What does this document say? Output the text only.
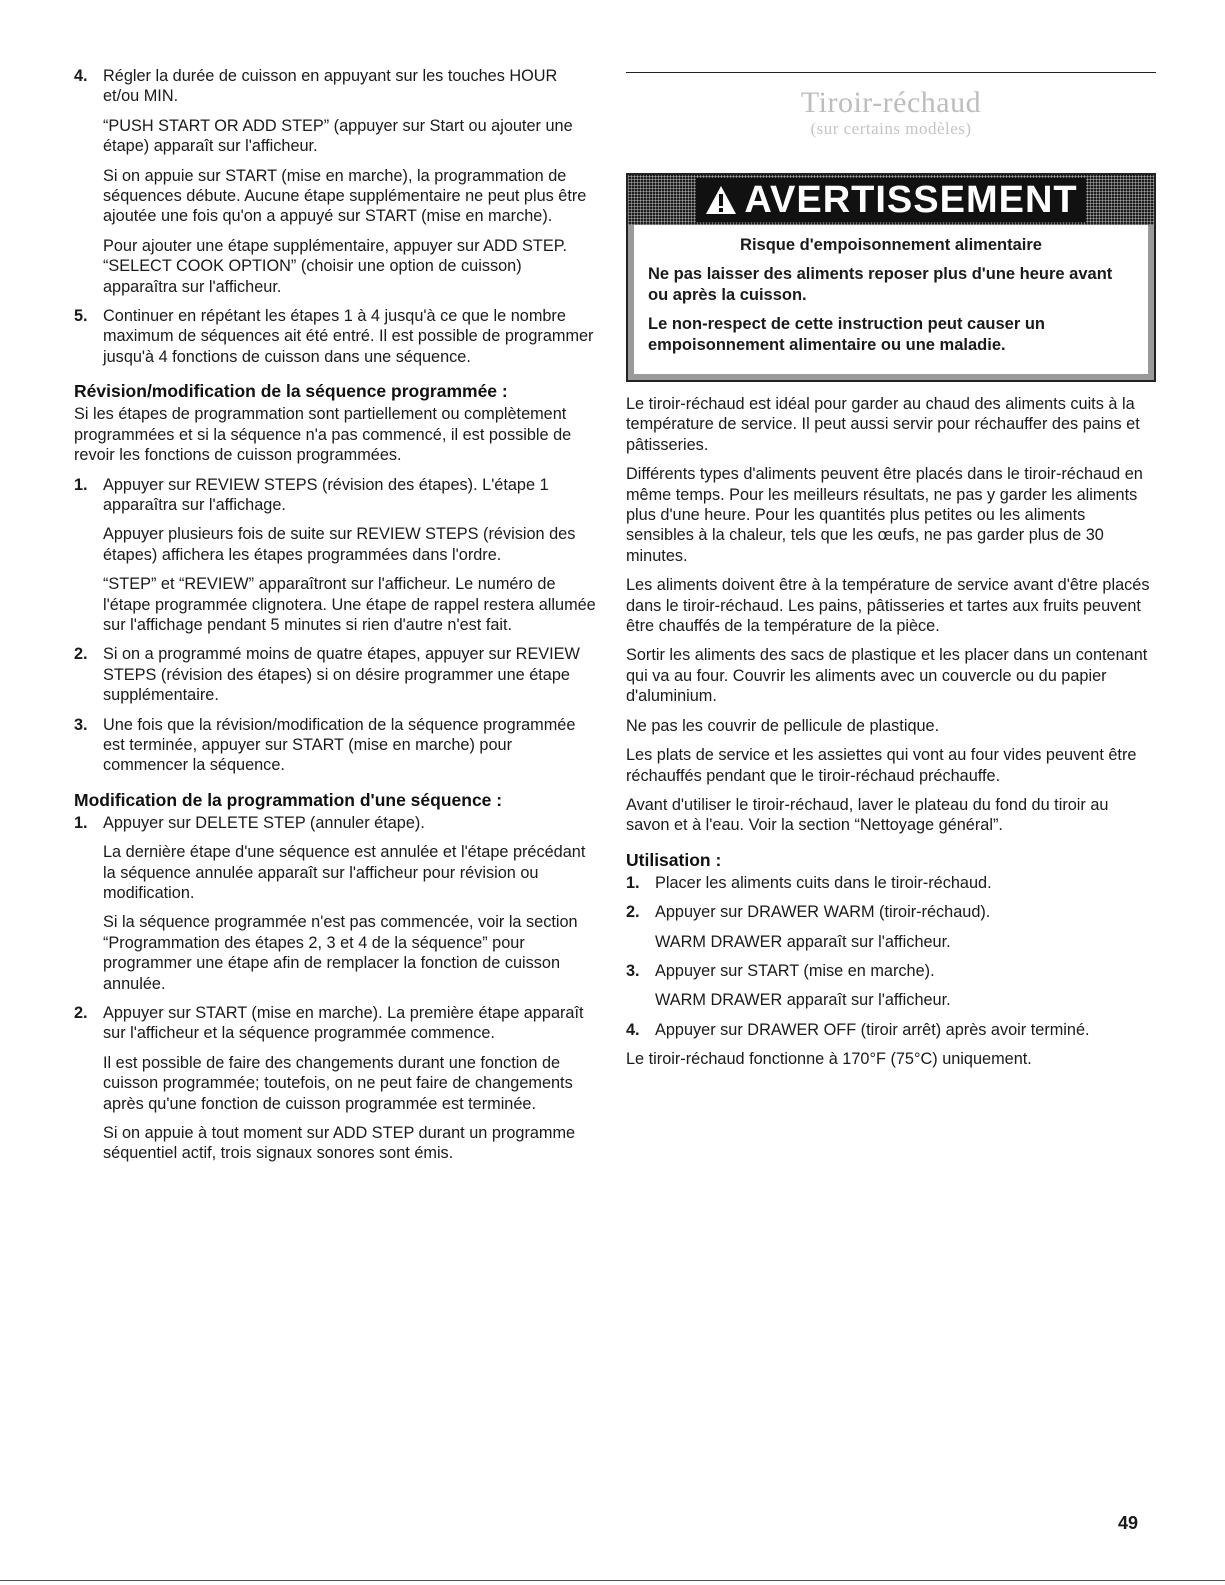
4. Régler la durée de cuisson en appuyant sur les touches HOUR et/ou MIN.

“PUSH START OR ADD STEP” (appuyer sur Start ou ajouter une étape) apparaît sur l'afficheur.

Si on appuie sur START (mise en marche), la programmation de séquences débute. Aucune étape supplémentaire ne peut plus être ajoutée une fois qu'on a appuyé sur START (mise en marche).

Pour ajouter une étape supplémentaire, appuyer sur ADD STEP. “SELECT COOK OPTION” (choisir une option de cuisson) apparaîtra sur l'afficheur.

5. Continuer en répétant les étapes 1 à 4 jusqu'à ce que le nombre maximum de séquences ait été entré. Il est possible de programmer jusqu'à 4 fonctions de cuisson dans une séquence.

Révision/modification de la séquence programmée :

Si les étapes de programmation sont partiellement ou complètement programmées et si la séquence n'a pas commencé, il est possible de revoir les fonctions de cuisson programmées.

1. Appuyer sur REVIEW STEPS (révision des étapes). L'étape 1 apparaîtra sur l'affichage.

Appuyer plusieurs fois de suite sur REVIEW STEPS (révision des étapes) affichera les étapes programmées dans l'ordre.

“STEP” et “REVIEW” apparaîtront sur l'afficheur. Le numéro de l'étape programmée clignotera. Une étape de rappel restera allumée sur l'affichage pendant 5 minutes si rien d'autre n'est fait.

2. Si on a programmé moins de quatre étapes, appuyer sur REVIEW STEPS (révision des étapes) si on désire programmer une étape supplémentaire.

3. Une fois que la révision/modification de la séquence programmée est terminée, appuyer sur START (mise en marche) pour commencer la séquence.

Modification de la programmation d'une séquence :
1. Appuyer sur DELETE STEP (annuler étape).

La dernière étape d'une séquence est annulée et l'étape précédant la séquence annulée apparaît sur l'afficheur pour révision ou modification.

Si la séquence programmée n'est pas commencée, voir la section “Programmation des étapes 2, 3 et 4 de la séquence” pour programmer une étape afin de remplacer la fonction de cuisson annulée.

2. Appuyer sur START (mise en marche). La première étape apparaît sur l'afficheur et la séquence programmée commence.

Il est possible de faire des changements durant une fonction de cuisson programmée; toutefois, on ne peut faire de changements après qu'une fonction de cuisson programmée est terminée.

Si on appuie à tout moment sur ADD STEP durant un programme séquentiel actif, trois signaux sonores sont émis.

Tiroir-réchaud
(sur certains modèles)
AVERTISSEMENT

Risque d'empoisonnement alimentaire

Ne pas laisser des aliments reposer plus d'une heure avant ou après la cuisson.

Le non-respect de cette instruction peut causer un empoisonnement alimentaire ou une maladie.

Le tiroir-réchaud est idéal pour garder au chaud des aliments cuits à la température de service. Il peut aussi servir pour réchauffer des pains et pâtisseries.

Différents types d'aliments peuvent être placés dans le tiroir-réchaud en même temps. Pour les meilleurs résultats, ne pas y garder les aliments plus d'une heure. Pour les quantités plus petites ou les aliments sensibles à la chaleur, tels que les œufs, ne pas garder plus de 30 minutes.

Les aliments doivent être à la température de service avant d'être placés dans le tiroir-réchaud. Les pains, pâtisseries et tartes aux fruits peuvent être chauffés de la température de la pièce.

Sortir les aliments des sacs de plastique et les placer dans un contenant qui va au four. Couvrir les aliments avec un couvercle ou du papier d'aluminium.

Ne pas les couvrir de pellicule de plastique.

Les plats de service et les assiettes qui vont au four vides peuvent être réchauffés pendant que le tiroir-réchaud préchauffe.

Avant d'utiliser le tiroir-réchaud, laver le plateau du fond du tiroir au savon et à l'eau. Voir la section “Nettoyage général”.

Utilisation :
1. Placer les aliments cuits dans le tiroir-réchaud.

2. Appuyer sur DRAWER WARM (tiroir-réchaud).

WARM DRAWER apparaît sur l'afficheur.

3. Appuyer sur START (mise en marche).

WARM DRAWER apparaît sur l'afficheur.

4. Appuyer sur DRAWER OFF (tiroir arrêt) après avoir terminé.

Le tiroir-réchaud fonctionne à 170°F (75°C) uniquement.

49
